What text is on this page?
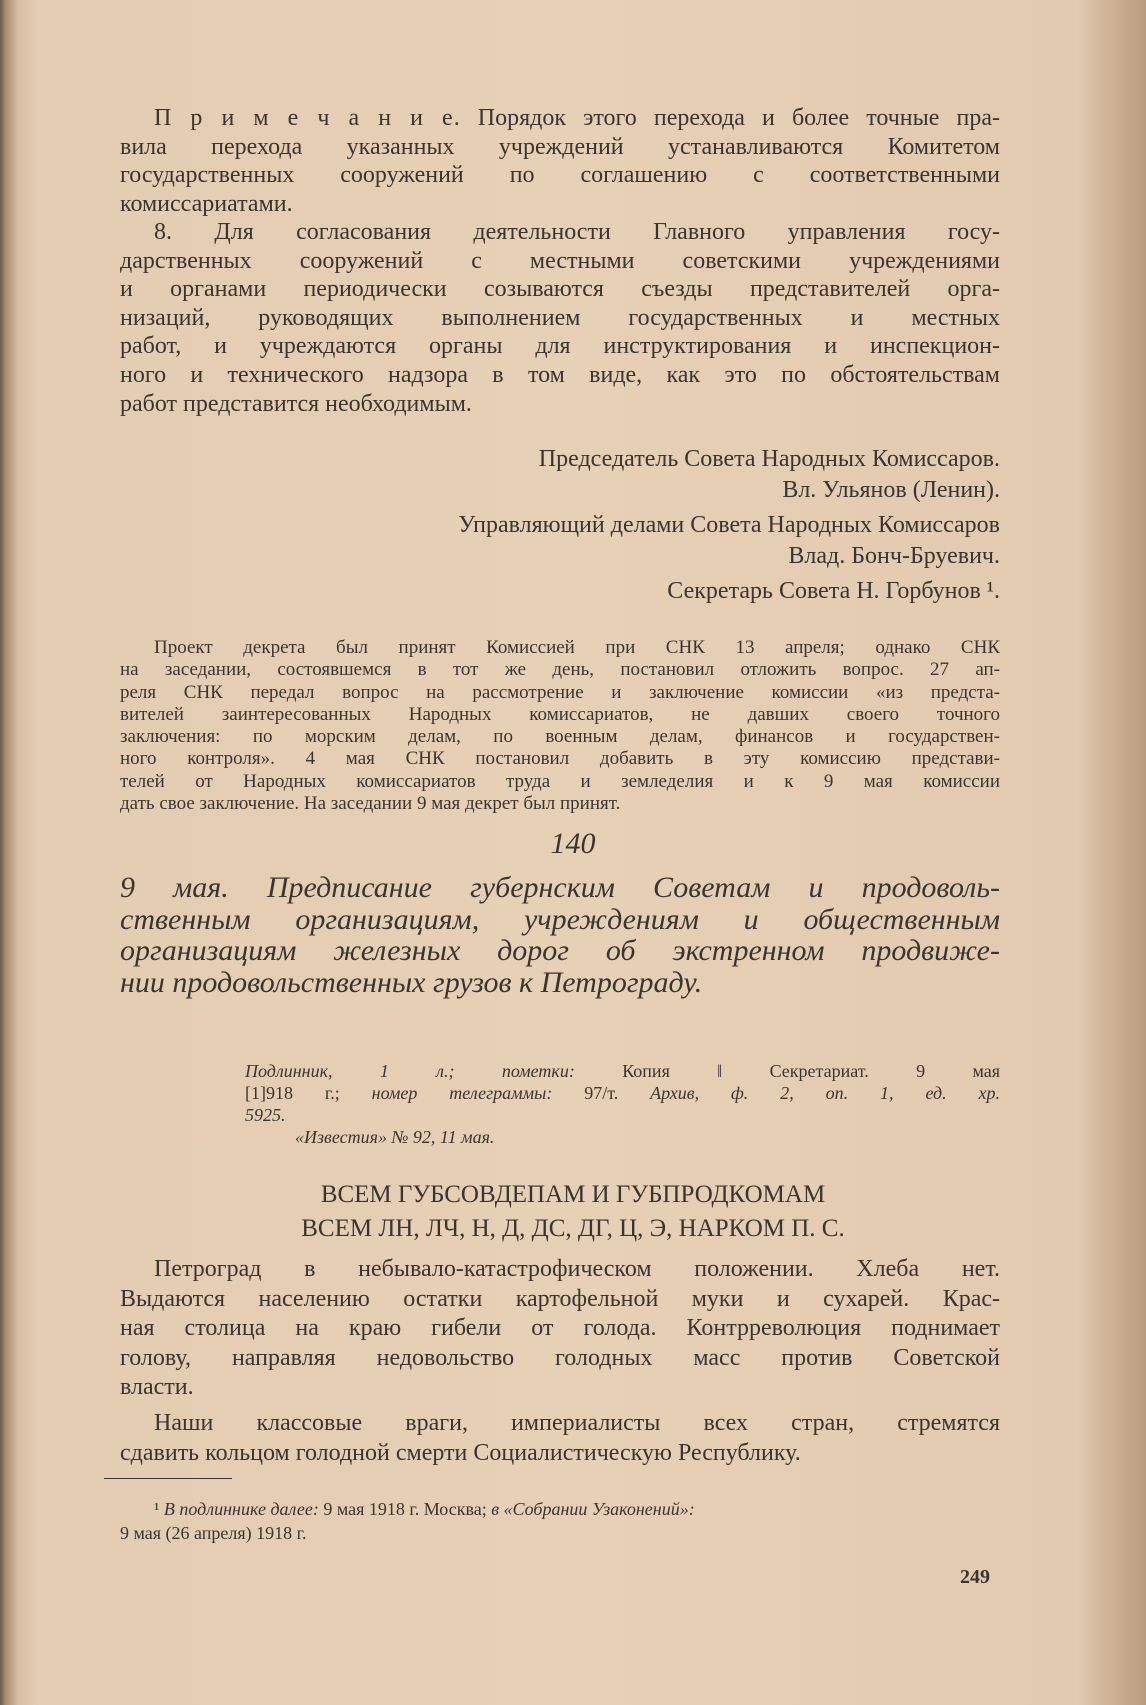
П р и м е ч а н и е. Порядок этого перехода и более точные пра-
вила перехода указанных учреждений устанавливаются Комитетом
государственных сооружений по соглашению с соответственными
комиссариатами.
8. Для согласования деятельности Главного управления госу-
дарственных сооружений с местными советскими учреждениями
и органами периодически созываются съезды представителей орга-
низаций, руководящих выполнением государственных и местных
работ, и учреждаются органы для инструктирования и инспекцион-
ного и технического надзора в том виде, как это по обстоятельствам
работ представится необходимым.
Председатель Совета Народных Комиссаров.
Вл. Ульянов (Ленин).
Управляющий делами Совета Народных Комиссаров
Влад. Бонч-Бруевич.
Секретарь Совета Н. Горбунов ¹.
Проект декрета был принят Комиссией при СНК 13 апреля; однако СНК
на заседании, состоявшемся в тот же день, постановил отложить вопрос. 27 ап-
реля СНК передал вопрос на рассмотрение и заключение комиссии «из предста-
вителей заинтересованных Народных комиссариатов, не давших своего точного
заключения: по морским делам, по военным делам, финансов и государствен-
ного контроля». 4 мая СНК постановил добавить в эту комиссию представи-
телей от Народных комиссариатов труда и земледелия и к 9 мая комиссии
дать свое заключение. На заседании 9 мая декрет был принят.
140
9 мая. Предписание губернским Советам и продоволь-
ственным организациям, учреждениям и общественным
организациям железных дорог об экстренном продвиже-
нии продовольственных грузов к Петрограду.
Подлинник, 1 л.; пометки: Копия ‖ Секретариат. 9 мая
[1]918 г.; номер телеграммы: 97/т. Архив, ф. 2, оп. 1, ед. хр.
5925.
«Известия» № 92, 11 мая.
ВСЕМ ГУБСОВДЕПАМ И ГУБПРОДКОМАМ
ВСЕМ ЛН, ЛЧ, Н, Д, ДС, ДГ, Ц, Э, НАРКОМ П. С.
Петроград в небывало-катастрофическом положении. Хлеба нет.
Выдаются населению остатки картофельной муки и сухарей. Крас-
ная столица на краю гибели от голода. Контрреволюция поднимает
голову, направляя недовольство голодных масс против Советской
власти.
Наши классовые враги, империалисты всех стран, стремятся
сдавить кольцом голодной смерти Социалистическую Республику.
¹ В подлиннике далее: 9 мая 1918 г. Москва; в «Собрании Узаконений»:
9 мая (26 апреля) 1918 г.
249
